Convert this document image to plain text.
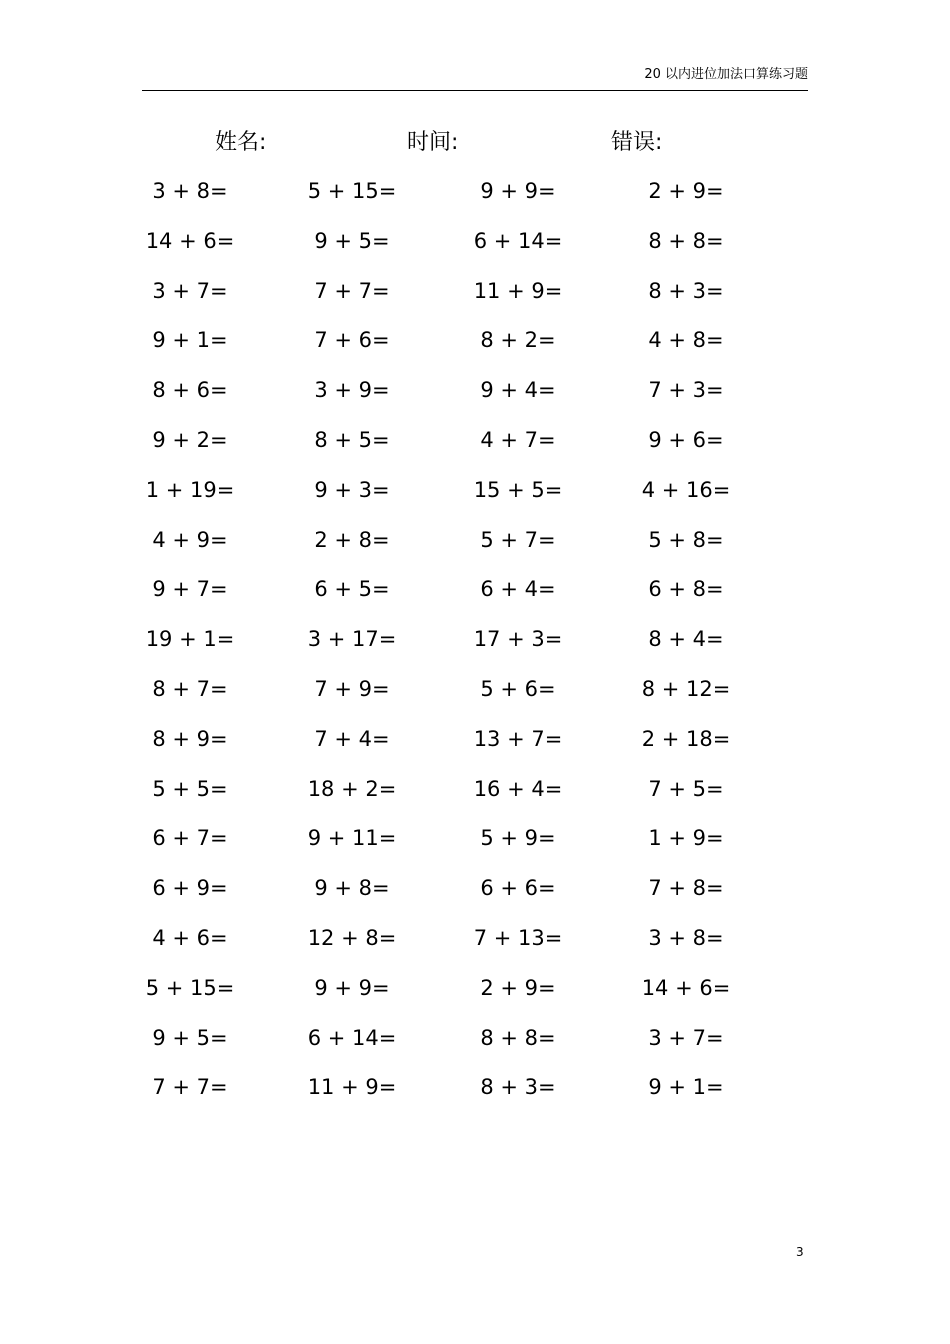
20 以内进位加法口算练习题
姓名:	时间:	错误:
3 + 8=	5 + 15=	9 + 9=	2 + 9=
14 + 6=	9 + 5=	6 + 14=	8 + 8=
3 + 7=	7 + 7=	11 + 9=	8 + 3=
9 + 1=	7 + 6=	8 + 2=	4 + 8=
8 + 6=	3 + 9=	9 + 4=	7 + 3=
9 + 2=	8 + 5=	4 + 7=	9 + 6=
1 + 19=	9 + 3=	15 + 5=	4 + 16=
4 + 9=	2 + 8=	5 + 7=	5 + 8=
9 + 7=	6 + 5=	6 + 4=	6 + 8=
19 + 1=	3 + 17=	17 + 3=	8 + 4=
8 + 7=	7 + 9=	5 + 6=	8 + 12=
8 + 9=	7 + 4=	13 + 7=	2 + 18=
5 + 5=	18 + 2=	16 + 4=	7 + 5=
6 + 7=	9 + 11=	5 + 9=	1 + 9=
6 + 9=	9 + 8=	6 + 6=	7 + 8=
4 + 6=	12 + 8=	7 + 13=	3 + 8=
5 + 15=	9 + 9=	2 + 9=	14 + 6=
9 + 5=	6 + 14=	8 + 8=	3 + 7=
7 + 7=	11 + 9=	8 + 3=	9 + 1=
3
